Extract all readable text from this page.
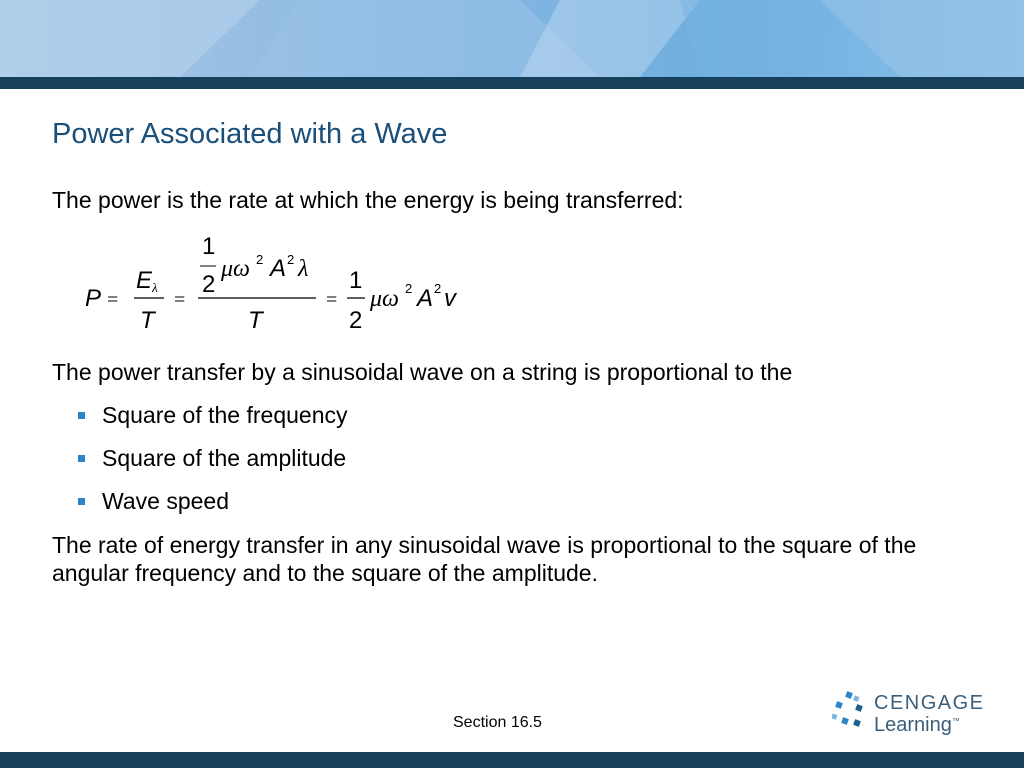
Power Associated with a Wave
The power is the rate at which the energy is being transferred:
P =
E λ
T
=
1
2
μω 2 A 2 λ
T
=
1
2
μω 2 A 2 v
The power transfer by a sinusoidal wave on a string is proportional to the
Square of the frequency
Square of the amplitude
Wave speed
The rate of energy transfer in any sinusoidal wave is proportional to the square of the angular frequency and to the square of the amplitude.
Section 16.5
CENGAGE
Learning™
